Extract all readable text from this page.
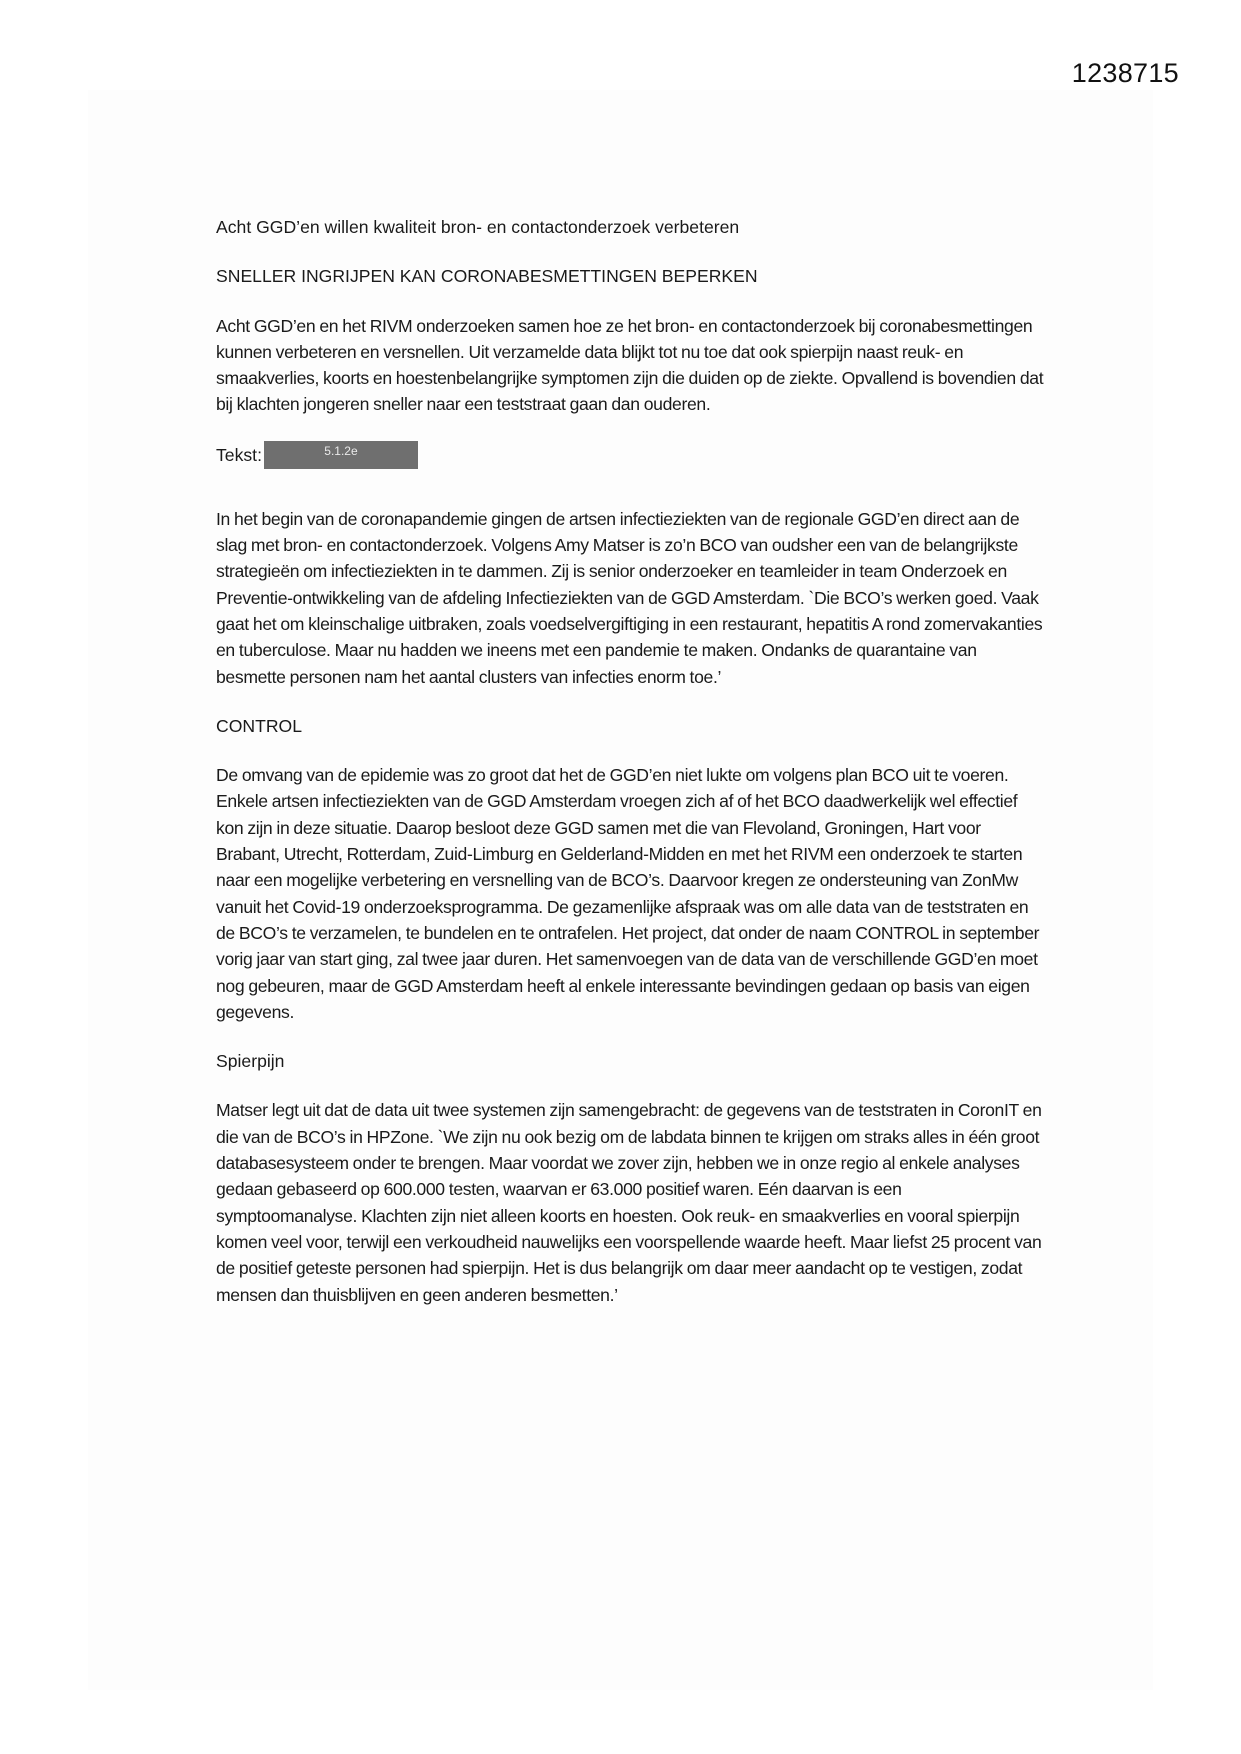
1238715

Acht GGD’en willen kwaliteit bron- en contactonderzoek verbeteren

SNELLER INGRIJPEN KAN CORONABESMETTINGEN BEPERKEN

Acht GGD’en en het RIVM onderzoeken samen hoe ze het bron- en contactonderzoek bij coronabesmettingen kunnen verbeteren en versnellen. Uit verzamelde data blijkt tot nu toe dat ook spierpijn naast reuk- en smaakverlies, koorts en hoestenbelangrijke symptomen zijn die duiden op de ziekte. Opvallend is bovendien dat bij klachten jongeren sneller naar een teststraat gaan dan ouderen.

Tekst:	5.1.2e

In het begin van de coronapandemie gingen de artsen infectieziekten van de regionale GGD’en direct aan de slag met bron- en contactonderzoek. Volgens Amy Matser is zo’n BCO van oudsher een van de belangrijkste strategieën om infectieziekten in te dammen. Zij is senior onderzoeker en teamleider in team Onderzoek en Preventie-ontwikkeling van de afdeling Infectieziekten van de GGD Amsterdam. `Die BCO’s werken goed. Vaak gaat het om kleinschalige uitbraken, zoals voedselvergiftiging in een restaurant, hepatitis A rond zomervakanties en tuberculose. Maar nu hadden we ineens met een pandemie te maken. Ondanks de quarantaine van besmette personen nam het aantal clusters van infecties enorm toe.’

CONTROL

De omvang van de epidemie was zo groot dat het de GGD’en niet lukte om volgens plan BCO uit te voeren. Enkele artsen infectieziekten van de GGD Amsterdam vroegen zich af of het BCO daadwerkelijk wel effectief kon zijn in deze situatie. Daarop besloot deze GGD samen met die van Flevoland, Groningen, Hart voor Brabant, Utrecht, Rotterdam, Zuid-Limburg en Gelderland-Midden en met het RIVM een onderzoek te starten naar een mogelijke verbetering en versnelling van de BCO’s. Daarvoor kregen ze ondersteuning van ZonMw vanuit het Covid-19 onderzoeksprogramma. De gezamenlijke afspraak was om alle data van de teststraten en de BCO’s te verzamelen, te bundelen en te ontrafelen. Het project, dat onder de naam CONTROL in september vorig jaar van start ging, zal twee jaar duren. Het samenvoegen van de data van de verschillende GGD’en moet nog gebeuren, maar de GGD Amsterdam heeft al enkele interessante bevindingen gedaan op basis van eigen gegevens.

Spierpijn

Matser legt uit dat de data uit twee systemen zijn samengebracht: de gegevens van de teststraten in CoronIT en die van de BCO’s in HPZone. `We zijn nu ook bezig om de labdata binnen te krijgen om straks alles in één groot databasesysteem onder te brengen. Maar voordat we zover zijn, hebben we in onze regio al enkele analyses gedaan gebaseerd op 600.000 testen, waarvan er 63.000 positief waren. Eén daarvan is een symptoomanalyse. Klachten zijn niet alleen koorts en hoesten. Ook reuk- en smaakverlies en vooral spierpijn komen veel voor, terwijl een verkoudheid nauwelijks een voorspellende waarde heeft. Maar liefst 25 procent van de positief geteste personen had spierpijn. Het is dus belangrijk om daar meer aandacht op te vestigen, zodat mensen dan thuisblijven en geen anderen besmetten.’
